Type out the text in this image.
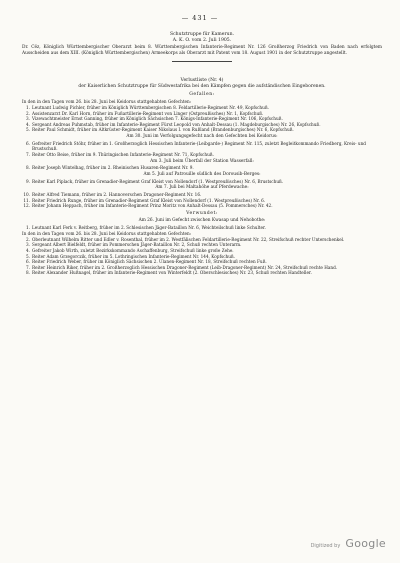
— 431 —
Schutztruppe für Kamerun.
A. K. O. vom 2. Juli 1905.
Dr. Cëz, Königlich Württembergischer Oberarzt beim 8. Württembergischen Infanterie-Regiment Nr. 126 Großherzog Friedrich von Baden nach erfolgtem Ausscheiden aus dem XIII. (Königlich Württembergischen) Armeekorps als Oberarzt mit Patent vom 18. August 1901 in der Schutztruppe angestellt.
Verlustliste (Nr. 4)
der Kaiserlichen Schutztruppe für Südwestafrika bei den Kämpfen gegen die aufständischen Eingeborenen.
Gefallen:
In den in den Tagen vom 26. bis 28. Juni bei Keidorus stattgehabten Gefechten:
1. Leutnant Ludwig Pichler, früher im Königlich Württembergischen 8. Feldartillerie-Regiment Nr. 49, Kopfschuß.
2. Assistenzarzt Dr. Karl Horn, früher im Fußartillerie-Regiment von Linger (Ostpreußisches) Nr. 1, Kopfschuß.
3. Vizewachtmeister Ernst Ganning, früher im Königlich Sächsischen 7. Königs-Infanterie-Regiment Nr. 106, Kopfschuß.
4. Sergeant Andreas Puhmstab, früher im Infanterie-Regiment Fürst Leopold von Anhalt-Dessau (1. Magdeburgisches) Nr. 26, Kopfschuß.
5. Reiter Paul Schmidt, früher im Altkrüster-Regiment Kaiser Nikolaus I. von Rußland (Brandenburgisches) Nr. 6, Kopfschuß.
Am 30. Juni im Verfolgungsgefecht nach den Gefechten bei Keidorus:
6. Gefreiter Friedrich Stöhr, früher im 1. Großherzoglich Hessischen Infanterie-(Leibgarde-) Regiment Nr. 115, zuletzt Begleitkommando Friedberg, Kreis- und Brustschuß.
7. Reiter Otto Beise, früher im 9. Thüringischen Infanterie-Regiment Nr. 71, Kopfschuß.
Am 3. Juli beim Überfall der Station Wasserfall:
8. Reiter Joseph Wintelhag, früher im 2. Rheinischen Husaren-Regiment Nr. 9.
Am 5. Juli auf Patrouille südlich des Dorousib-Berges:
9. Reiter Karl Piplack, früher im Grenadier-Regiment Graf Kleist von Nollendorf (1. Westpreußisches) Nr. 6, Brustschuß.
Am 7. Juli bei Maltahöhe auf Pferdewache:
10. Reiter Alfred Tiemann, früher im 2. Hannoverschen Dragoner-Regiment Nr. 16.
11. Reiter Friedrich Runge, früher im Grenadier-Regiment Graf Kleist von Nollendorf (1. Westpreußisches) Nr. 6.
12. Reiter Johann Heppach, früher im Infanterie-Regiment Prinz Moritz von Anhalt-Dessau (5. Pommersches) Nr. 42.
Verwundet:
Am 26. Juni im Gefecht zwischen Kwasap und Nehobothe:
1. Leutnant Karl Ferk v. Reitberg, früher im 2. Schlesischen Jäger-Bataillon Nr. 6, Weichteilschuß linke Schulter.
In den in den Tagen vom 26. bis 28. Juni bei Keidorus stattgehabten Gefechten:
2. Oberleutnant Wilhelm Ritter und Edler v. Rosenthal, früher im 2. Westfälischen Feldartillerie-Regiment Nr. 22, Streifschuß rechter Unterschenkel.
3. Sergeant Albert Bielfeldt, früher im Pommerschen Jäger-Bataillon Nr. 2, Schuß rechten Unterarm.
4. Gefreiter Jakob Wirth, zuletzt Bezirkskommando Aschaffenburg, Streifschuß linke große Zehe.
5. Reiter Adam Grzegorczik, früher im 5. Lothringischen Infanterie-Regiment Nr. 144, Kopfschuß.
6. Reiter Friedrich Weber, früher im Königlich Sächsischen 2. Ulanen-Regiment Nr. 18, Streifschuß rechten Fuß.
7. Reiter Heinrich Riker, früher im 2. Großherzoglich Hessischen Dragoner-Regiment (Leib-Dragoner-Regiment) Nr. 24, Streifschuß rechte Hand.
8. Reiter Alexander Hußnagel, früher im Infanterie-Regiment von Winterfeldt (2. Oberschlesisches) Nr. 23, Schuß rechten Handteller.
Digitized by Google
